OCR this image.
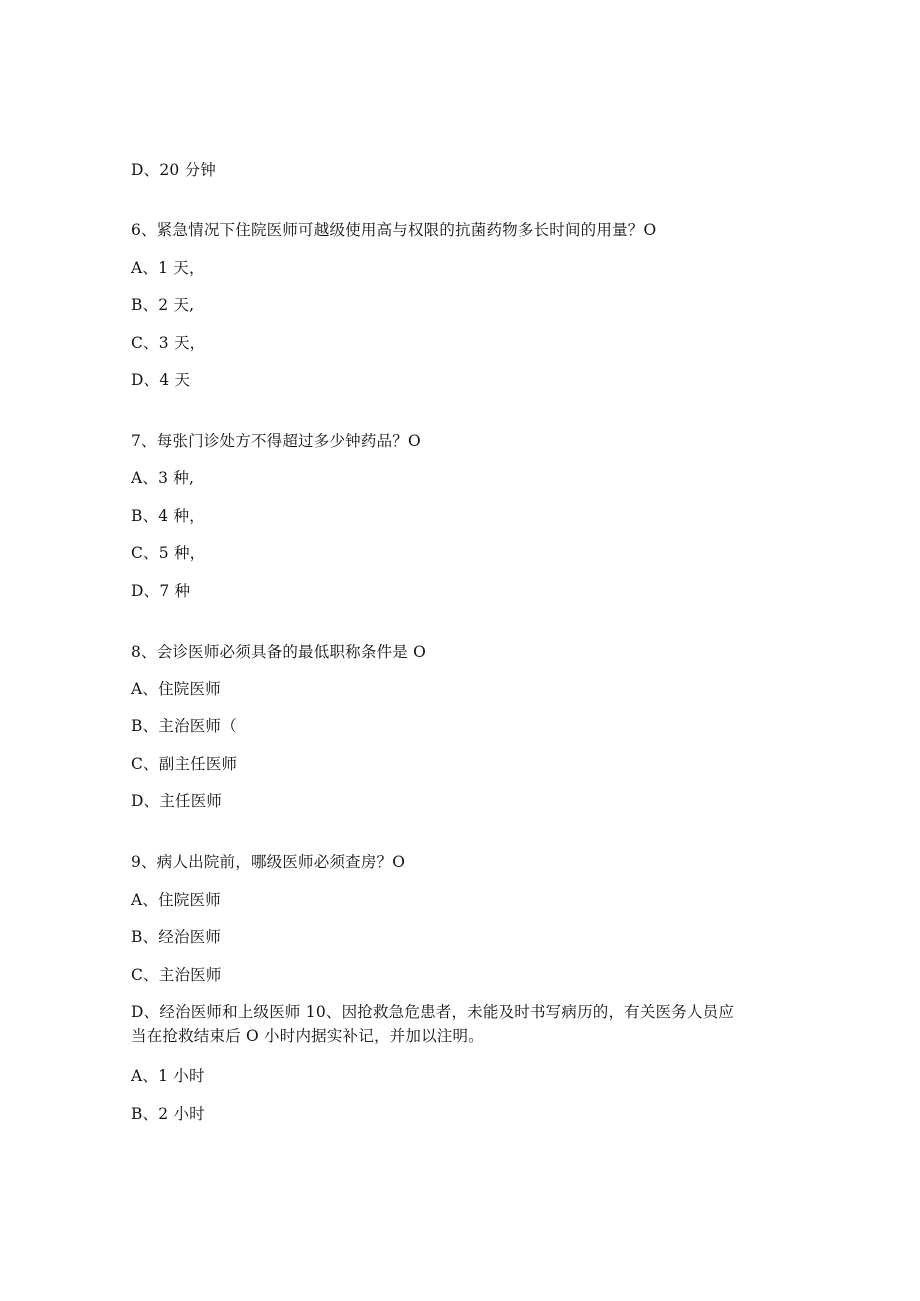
D、20 分钟
6、紧急情况下住院医师可越级使用高与权限的抗菌药物多长时间的用量？O
A、1 天，
B、2 天,
C、3 天，
D、4 天
7、每张门诊处方不得超过多少钟药品？O
A、3 种,
B、4 种，
C、5 种，
D、7 种
8、会诊医师必须具备的最低职称条件是 O
A、住院医师
B、主治医师（
C、副主任医师
D、主任医师
9、病人出院前，哪级医师必须查房？O
A、住院医师
B、经治医师
C、主治医师
D、经治医师和上级医师 10、因抢救急危患者，未能及时书写病历的，有关医务人员应
当在抢救结束后 O 小时内据实补记，并加以注明。
A、1 小时
B、2 小时
